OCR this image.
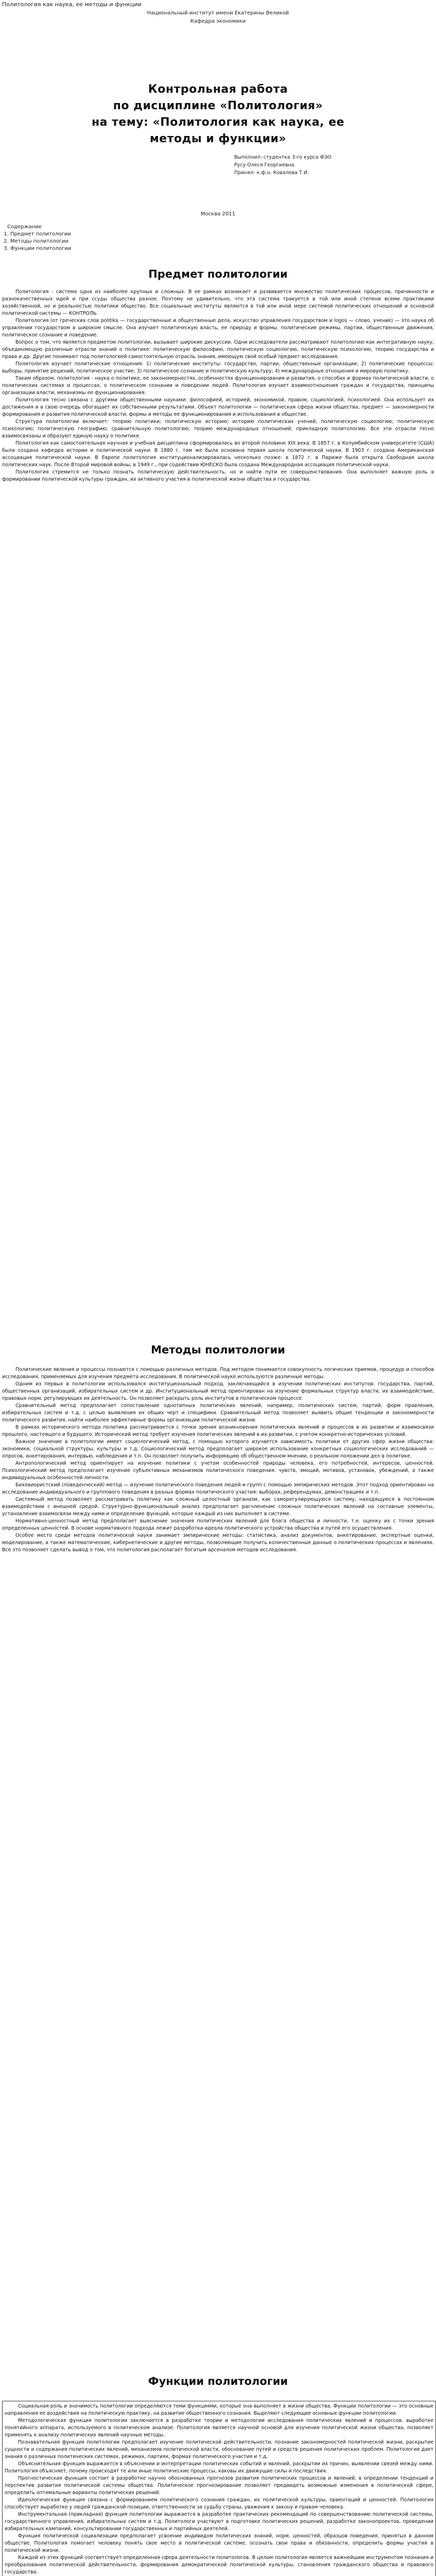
Политология как наука, ее методы и функции
Национальный институт имени Екатерины Великой
Кафедра экономики
Контрольная работа
по дисциплине «Политология»
на тему: «Политология как наука, ее
методы и функции»
Выполнил: студентка 3-го курса ФЭО
Руcу Олеся Георгиевна
Принял: к.ф.н. Ковалева Т.И.
Москва 2011
Содержание
1. Предмет политологии
2. Методы политологии
3. Функции политологии
Предмет политологии

Политология - система одна из наиболее крупных и сложных. В ее рамках возникает и развивается множество политических процессов, причинности и разнокачественных идей и при ссуды общества разное. Поэтому не удивительно, что эта система тракуется в той или иной степени всеми практиками хозяйственной, но и реальностью политики общество. Все социальные институты являются в той или иной мере системой политических отношений и основной политической системы — КОНТРОЛЬ.

Политология (от греческих слов politika — государственные и общественные дела, искусство управления государством и logos — слово, учение) — это наука об управлении государством в широком смысле. Она изучает политическую власть, ее природу и формы, политические режимы, партии, общественные движения, политическое сознание и поведение.

Вопрос о том, что является предметом политологии, вызывает широкие дискуссии. Одни исследователи рассматривают политологию как интегративную науку, объединяющую различные отрасли знаний о политике: политическую философию, политическую социологию, политическую психологию, теорию государства и права и др. Другие понимают под политологией самостоятельную отрасль знания, имеющую свой особый предмет исследования.

Политология изучает политические отношения: 1) политические институты: государство, партии, общественные организации; 2) политические процессы: выборы, принятие решений, политическое участие; 3) политическое сознание и политическую культуру; 4) международные отношения и мировую политику.

Таким образом, политология - наука о политике, ее закономерностях, особенностях функционирования и развития, о способах и формах политической власти, о политических системах и процессах, о политическом сознании и поведении людей. Политология изучает взаимоотношения граждан и государства, принципы организации власти, механизмы ее функционирования.

Политология тесно связана с другими общественными науками: философией, историей, экономикой, правом, социологией, психологией. Она использует их достижения и в свою очередь обогащает их собственными результатами. Объект политологии — политическая сфера жизни общества, предмет — закономерности формирования и развития политической власти, формы и методы ее функционирования и использования в обществе.

Структура политологии включает: теорию политики; политическую историю; историю политических учений; политическую социологию; политическую психологию; политическую географию; сравнительную политологию; теорию международных отношений; прикладную политологию. Все эти отрасли тесно взаимосвязаны и образуют единую науку о политике.

Политология как самостоятельная научная и учебная дисциплина сформировалась во второй половине XIX века. В 1857 г. в Колумбийском университете (США) была создана кафедра истории и политической науки. В 1880 г. там же была основана первая школа политической науки. В 1903 г. создана Американская ассоциация политической науки. В Европе политология институционализировалась несколько позже: в 1872 г. в Париже была открыта Свободная школа политических наук. После Второй мировой войны, в 1949 г., при содействии ЮНЕСКО была создана Международная ассоциация политической науки.

Политология стремится не только познать политическую действительность, но и найти пути ее совершенствования. Она выполняет важную роль в формировании политической культуры граждан, их активного участия в политической жизни общества и государства.

Методы политологии

Политические явления и процессы познаются с помощью различных методов. Под методом понимается совокупность логических приемов, процедур и способов исследования, применяемых для изучения предмета исследования. В политической науке используются различные методы.

Одним из первых в политологии использовался институциональный подход, заключающийся в изучении политических институтов: государства, партий, общественных организаций, избирательных систем и др. Институциональный метод ориентирован на изучение формальных структур власти, их взаимодействие, правовых норм, регулирующих их деятельность. Он позволяет раскрыть роль институтов в политическом процессе.

Сравнительный метод предполагает сопоставление однотипных политических явлений, например, политических систем, партий, форм правления, избирательных систем и т.д. с целью выявления их общих черт и специфики. Сравнительный метод позволяет выявить общие тенденции и закономерности политического развития, найти наиболее эффективные формы организации политической жизни.

В рамках исторического метода политика рассматривается с точки зрения возникновения политических явлений и процессов в их развитии и взаимосвязи прошлого, настоящего и будущего. Исторический метод требует изучения политических явлений в их развитии, с учетом конкретно-исторических условий.

Важное значение в политологии имеет социологический метод, с помощью которого изучается зависимость политики от других сфер жизни общества: экономики, социальной структуры, культуры и т.д. Социологический метод предполагает широкое использование конкретных социологических исследований — опросов, анкетирования, интервью, наблюдения и т.п. Он позволяет получить информацию об общественном мнении, о реальном положении дел в политике.

Антропологический метод ориентирует на изучение политики с учетом особенностей природы человека, его потребностей, интересов, ценностей. Психологический метод предполагает изучение субъективных механизмов политического поведения: чувств, эмоций, мотивов, установок, убеждений, а также индивидуальных особенностей личности.

Бихевиористский (поведенческий) метод — изучение политического поведения людей и групп с помощью эмпирических методов. Этот подход ориентирован на исследование индивидуального и группового поведения в разных формах политического участия: выборах, референдумах, демонстрациях и т.п.

Системный метод позволяет рассматривать политику как сложный целостный организм, как саморегулирующуюся систему, находящуюся в постоянном взаимодействии с внешней средой. Структурно-функциональный анализ предполагает расчленение сложных политических явлений на составные элементы, установление взаимосвязи между ними и определение функций, которые каждый из них выполняет в системе.

Нормативно-ценностный метод предполагает выяснение значения политических явлений для блага общества и личности, т.е. оценку их с точки зрения определенных ценностей. В основе нормативного подхода лежит разработка идеала политического устройства общества и путей его осуществления.

Особое место среди методов политической науки занимает эмпирические методы: статистика, анализ документов, анкетирование, экспертные оценки, моделирование, а также математические, кибернетические и другие методы, позволяющие получить количественные данные о политических процессах и явлениях. Все это позволяет сделать вывод о том, что политология располагает богатым арсеналом методов исследования.

Функции политологии

Социальная роль и значимость политологии определяются теми функциями, которые она выполняет в жизни общества. Функции политологии — это основные направления ее воздействия на политическую практику, на развитие общественного сознания. Выделяют следующие основные функции политологии.

Методологическая функция политологии заключается в разработке теории и методологии исследования политических явлений и процессов, выработке понятийного аппарата, используемого в политическом анализе. Политология является научной основой для изучения политической жизни общества, позволяет применять к анализу политических явлений научные методы.

Познавательная функция политологии предполагает изучение политической действительности, познание закономерностей политической жизни, раскрытие сущности и содержания политических явлений, механизмов политической власти, обоснование путей и средств решения политических проблем. Политология дает знания о различных политических системах, режимах, партиях, формах политического участия и т.д.

Объяснительная функция выражается в объяснении и интерпретации политических событий и явлений, раскрытии их причин, выявлении связей между ними. Политология объясняет, почему происходят те или иные политические процессы, каковы их движущие силы и последствия.

Прогностическая функция состоит в разработке научно обоснованных прогнозов развития политических процессов и явлений, в определении тенденций и перспектив развития политической системы общества. Политическое прогнозирование позволяет предвидеть возможные изменения в политической сфере, определить оптимальные варианты политических решений.

Идеологическая функция связана с формированием политического сознания граждан, их политической культуры, ориентаций и ценностей. Политология способствует выработке у людей гражданской позиции, ответственности за судьбу страны, уважения к закону и правам человека.

Инструментальная (прикладная) функция политологии выражается в разработке практических рекомендаций по совершенствованию политической системы, государственного управления, избирательных систем и т.д. Политологи участвуют в подготовке политических решений, разработке законопроектов, проведении избирательных кампаний, консультировании государственных и партийных деятелей.

Функция политической социализации предполагает усвоение индивидом политических знаний, норм, ценностей, образцов поведения, принятых в данном обществе. Политология помогает человеку понять свое место в политической системе, осознать свои права и обязанности, определить формы участия в политической жизни.

Каждой из этих функций соответствует определенная сфера деятельности политологов. В целом политология является важнейшим инструментом познания и преобразования политической действительности, формирования демократической политической культуры, становления гражданского общества и правового государства.
